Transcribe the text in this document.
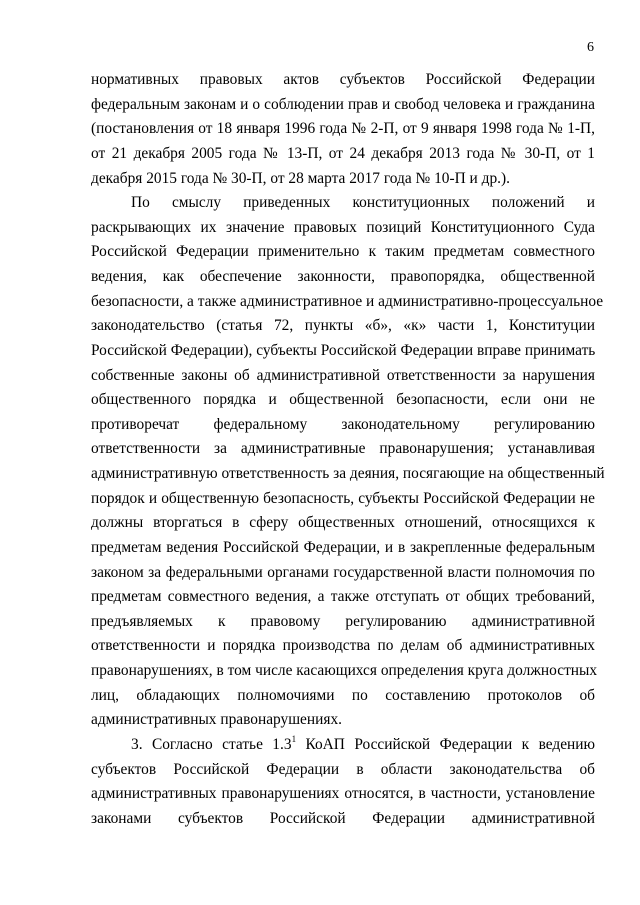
6

нормативных правовых актов субъектов Российской Федерации
федеральным законам и о соблюдении прав и свобод человека и гражданина
(постановления от 18 января 1996 года № 2-П, от 9 января 1998 года № 1-П,
от 21 декабря 2005 года № 13-П, от 24 декабря 2013 года № 30-П, от 1
декабря 2015 года № 30-П, от 28 марта 2017 года № 10-П и др.).

По смыслу приведенных конституционных положений и
раскрывающих их значение правовых позиций Конституционного Суда
Российской Федерации применительно к таким предметам совместного
ведения, как обеспечение законности, правопорядка, общественной
безопасности, а также административное и административно-процессуальное
законодательство (статья 72, пункты «б», «к» части 1, Конституции
Российской Федерации), субъекты Российской Федерации вправе принимать
собственные законы об административной ответственности за нарушения
общественного порядка и общественной безопасности, если они не
противоречат федеральному законодательному регулированию
ответственности за административные правонарушения; устанавливая
административную ответственность за деяния, посягающие на общественный
порядок и общественную безопасность, субъекты Российской Федерации не
должны вторгаться в сферу общественных отношений, относящихся к
предметам ведения Российской Федерации, и в закрепленные федеральным
законом за федеральными органами государственной власти полномочия по
предметам совместного ведения, а также отступать от общих требований,
предъявляемых к правовому регулированию административной
ответственности и порядка производства по делам об административных
правонарушениях, в том числе касающихся определения круга должностных
лиц, обладающих полномочиями по составлению протоколов об
административных правонарушениях.

3. Согласно статье $1.3^1$ КоАП Российской Федерации к ведению
субъектов Российской Федерации в области законодательства об
административных правонарушениях относятся, в частности, установление
законами субъектов Российской Федерации административной
